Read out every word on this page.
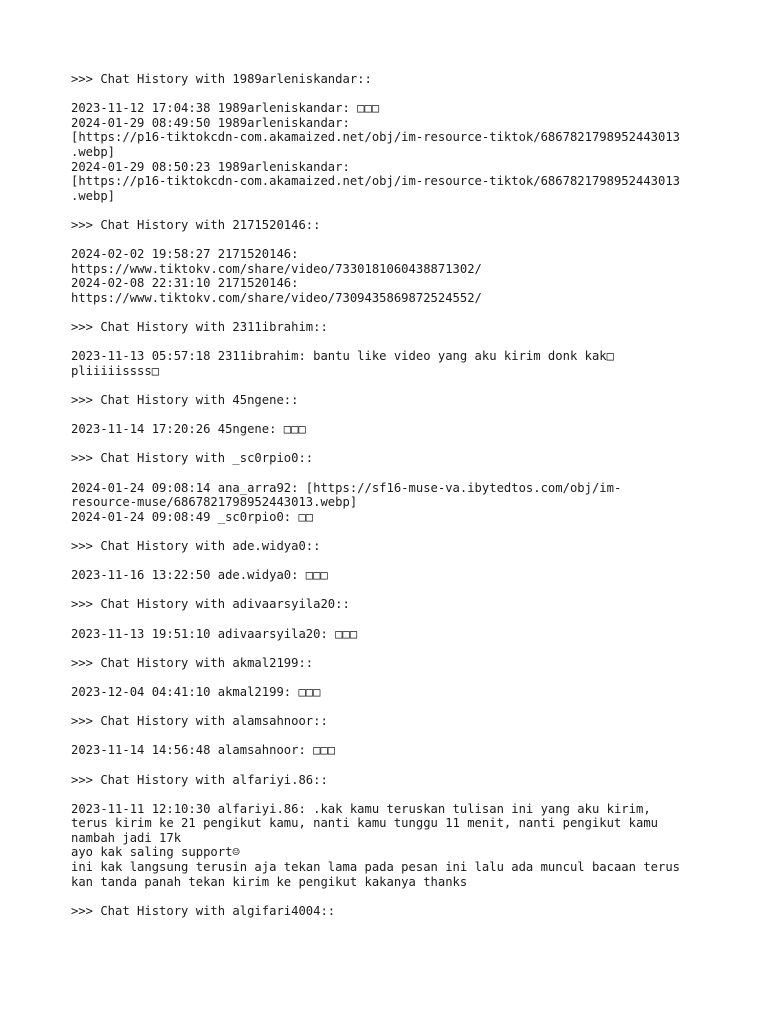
>>> Chat History with 1989arleniskandar::
2023-11-12 17:04:38 1989arleniskandar: □□□
2024-01-29 08:49:50 1989arleniskandar:
[https://p16-tiktokcdn-com.akamaized.net/obj/im-resource-tiktok/6867821798952443013
.webp]
2024-01-29 08:50:23 1989arleniskandar:
[https://p16-tiktokcdn-com.akamaized.net/obj/im-resource-tiktok/6867821798952443013
.webp]
>>> Chat History with 2171520146::
2024-02-02 19:58:27 2171520146:
https://www.tiktokv.com/share/video/7330181060438871302/
2024-02-08 22:31:10 2171520146:
https://www.tiktokv.com/share/video/7309435869872524552/
>>> Chat History with 2311ibrahim::
2023-11-13 05:57:18 2311ibrahim: bantu like video yang aku kirim donk kak□
pliiiiissss□
>>> Chat History with 45ngene::
2023-11-14 17:20:26 45ngene: □□□
>>> Chat History with _sc0rpio0::
2024-01-24 09:08:14 ana_arra92: [https://sf16-muse-va.ibytedtos.com/obj/im-
resource-muse/6867821798952443013.webp]
2024-01-24 09:08:49 _sc0rpio0: □□
>>> Chat History with ade.widya0::
2023-11-16 13:22:50 ade.widya0: □□□
>>> Chat History with adivaarsyila20::
2023-11-13 19:51:10 adivaarsyila20: □□□
>>> Chat History with akmal2199::
2023-12-04 04:41:10 akmal2199: □□□
>>> Chat History with alamsahnoor::
2023-11-14 14:56:48 alamsahnoor: □□□
>>> Chat History with alfariyi.86::
2023-11-11 12:10:30 alfariyi.86: .kak kamu teruskan tulisan ini yang aku kirim,
terus kirim ke 21 pengikut kamu, nanti kamu tunggu 11 menit, nanti pengikut kamu
nambah jadi 17k
ayo kak saling support☺
ini kak langsung terusin aja tekan lama pada pesan ini lalu ada muncul bacaan terus
kan tanda panah tekan kirim ke pengikut kakanya thanks
>>> Chat History with algifari4004::
